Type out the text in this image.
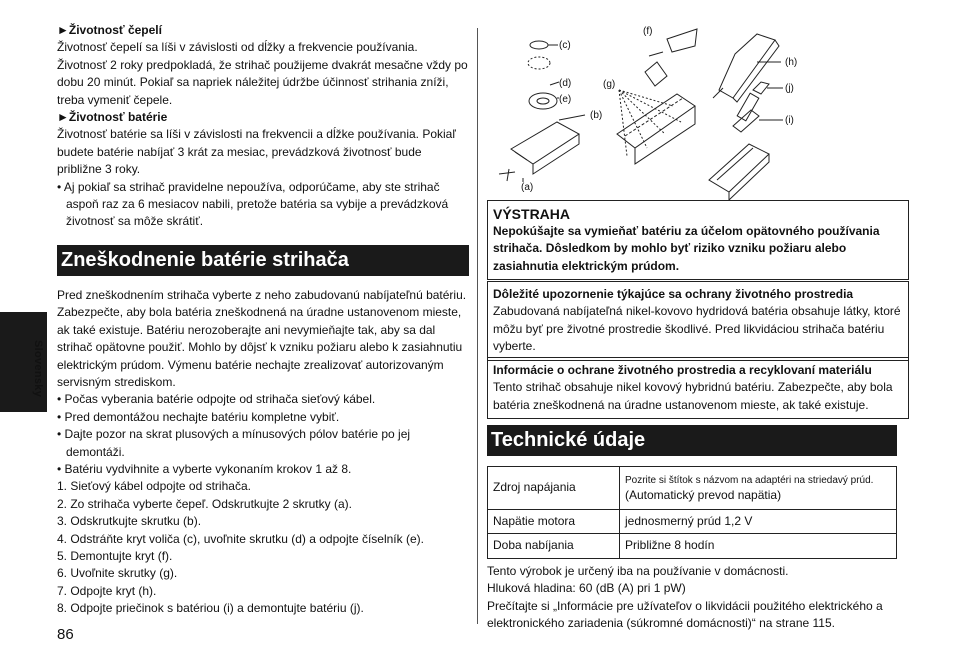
Slovensky
86

►Životnosť čepelí

Životnosť čepelí sa líši v závislosti od dĺžky a frekvencie používania. Životnosť 2 roky predpokladá, že strihač použijeme dvakrát mesačne vždy po dobu 20 minút. Pokiaľ sa napriek náležitej údržbe účinnosť strihania zníži, treba vymeniť čepele.

►Životnosť batérie

Životnosť batérie sa líši v závislosti na frekvencii a dĺžke používania. Pokiaľ budete batérie nabíjať 3 krát za mesiac, prevádzková životnosť bude približne 3 roky.

• Aj pokiaľ sa strihač pravidelne nepoužíva, odporúčame, aby ste strihač aspoň raz za 6 mesiacov nabili, pretože batéria sa vybije a prevádzková životnosť sa môže skrátiť.

Zneškodnenie batérie strihača

Pred zneškodnením strihača vyberte z neho zabudovanú nabíjateľnú batériu. Zabezpečte, aby bola batéria zneškodnená na úradne ustanovenom mieste, ak také existuje. Batériu nerozoberajte ani nevymieňajte tak, aby sa dal strihač opätovne použiť. Mohlo by dôjsť k vzniku požiaru alebo k zasiahnutiu elektrickým prúdom. Výmenu batérie nechajte zrealizovať autorizovaným servisným strediskom.

• Počas vyberania batérie odpojte od strihača sieťový kábel.

• Pred demontážou nechajte batériu kompletne vybiť.

• Dajte pozor na skrat plusových a mínusových pólov batérie po jej demontáži.

• Batériu vydvihnite a vyberte vykonaním krokov 1 až 8.

1. Sieťový kábel odpojte od strihača.

2. Zo strihača vyberte čepeľ. Odskrutkujte 2 skrutky (a).

3. Odskrutkujte skrutku (b).

4. Odstráňte kryt voliča (c), uvoľnite skrutku (d) a odpojte číselník (e).

5. Demontujte kryt (f).

6. Uvoľnite skrutky (g).

7. Odpojte kryt (h).

8. Odpojte priečinok s batériou (i) a demontujte batériu (j).

(c)
(d)
(e)
(b)
(a)
(f)
(g)
(h)
(j)
(i)
VÝSTRAHA
Nepokúšajte sa vymieňať batériu za účelom opätovného používania strihača. Dôsledkom by mohlo byť riziko vzniku požiaru alebo zasiahnutia elektrickým prúdom.
Dôležité upozornenie týkajúce sa ochrany životného prostredia
Zabudovaná nabíjateľná nikel-kovovo hydridová batéria obsahuje látky, ktoré môžu byť pre životné prostredie škodlivé. Pred likvidáciou strihača batériu vyberte.
Informácie o ochrane životného prostredia a recyklovaní materiálu
Tento strihač obsahuje nikel kovový hybridnú batériu. Zabezpečte, aby bola batéria zneškodnená na úradne ustanovenom mieste, ak také existuje.
Technické údaje
Zdroj napájania	Pozrite si štítok s názvom na adaptéri na striedavý prúd.
(Automatický prevod napätia)

Napätie motora	jednosmerný prúd 1,2 V
Doba nabíjania	Približne 8 hodín
Tento výrobok je určený iba na používanie v domácnosti.
Hluková hladina: 60 (dB (A) pri 1 pW)
Prečítajte si „Informácie pre užívateľov o likvidácii použitého elektrického a elektronického zariadenia (súkromné domácnosti)“ na strane 115.
